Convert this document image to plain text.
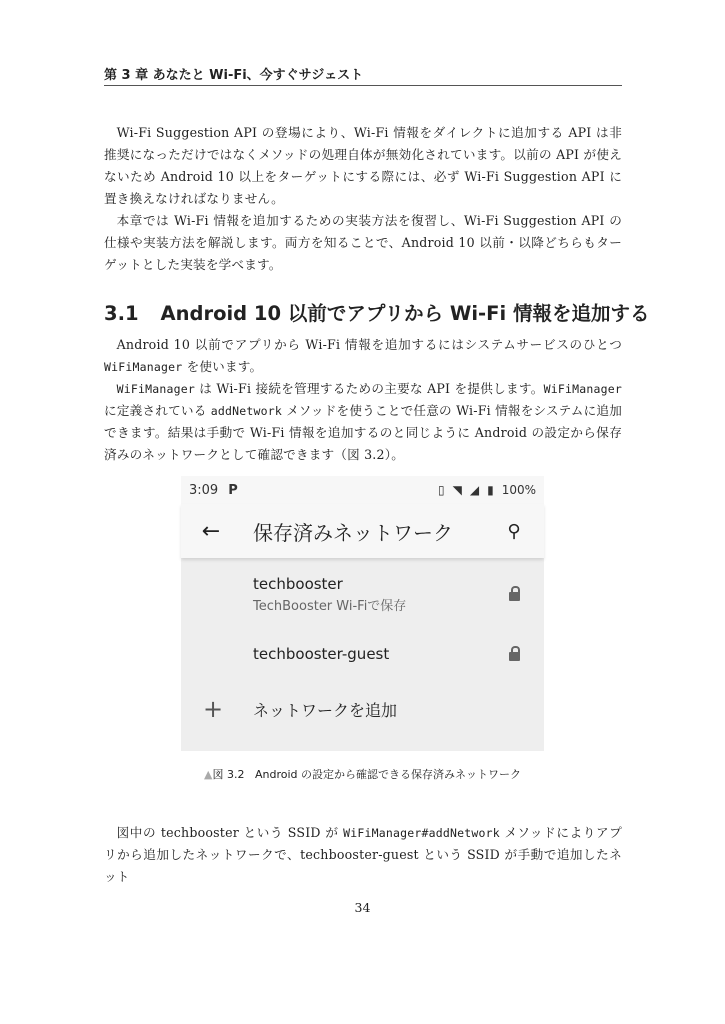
第 3 章 あなたと Wi-Fi、今すぐサジェスト

Wi-Fi Suggestion API の登場により、Wi-Fi 情報をダイレクトに追加する API は非推奨になっただけではなくメソッドの処理自体が無効化されています。以前の API が使えないため Android 10 以上をターゲットにする際には、必ず Wi-Fi Suggestion API に置き換えなければなりません。

本章では Wi-Fi 情報を追加するための実装方法を復習し、Wi-Fi Suggestion API の仕様や実装方法を解説します。両方を知ることで、Android 10 以前・以降どちらもターゲットとした実装を学べます。

3.1 Android 10 以前でアプリから Wi-Fi 情報を追加する

Android 10 以前でアプリから Wi-Fi 情報を追加するにはシステムサービスのひとつ WiFiManager を使います。

WiFiManager は Wi-Fi 接続を管理するための主要な API を提供します。WiFiManager に定義されている addNetwork メソッドを使うことで任意の Wi-Fi 情報をシステムに追加できます。結果は手動で Wi-Fi 情報を追加するのと同じように Android の設定から保存済みのネットワークとして確認できます（図 3.2）。

3:09 P	▯ ◥ ◢ ▮ 100%
←	保存済みネットワーク	⚲
techbooster
TechBooster Wi-Fiで保存
techbooster-guest
+	ネットワークを追加
▲図 3.2 Android の設定から確認できる保存済みネットワーク

図中の techbooster という SSID が WiFiManager#addNetwork メソッドによりアプリから追加したネットワークで、techbooster-guest という SSID が手動で追加したネット

34
